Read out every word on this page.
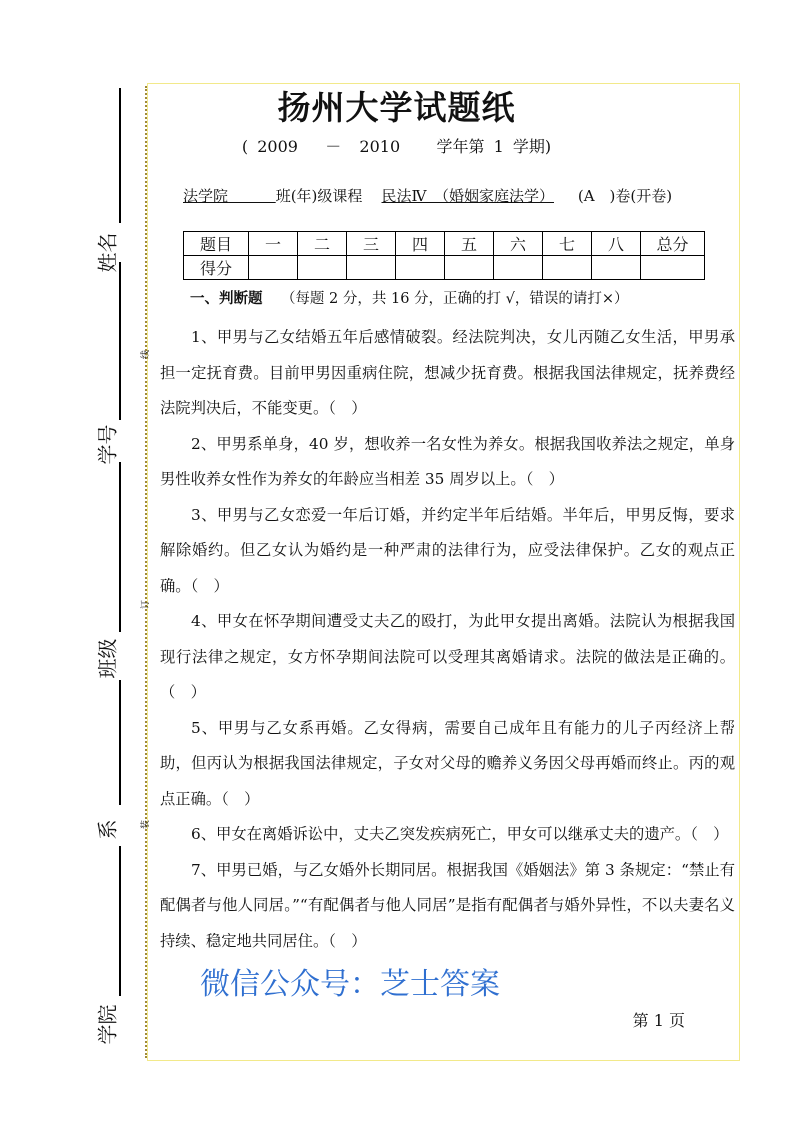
姓名
学号
班级
系
学院
线
订
装
扬州大学试题纸
( 2009 － 2010 学年第 1 学期)
法学院	班(年)级课程 民法Ⅳ　（婚姻家庭法学） (A　)卷(开卷)
题目	一	二	三	四	五	六	七	八	总分
得分									
一、判断题 （每题 2 分，共 16 分，正确的打 √，错误的请打×）

1、甲男与乙女结婚五年后感情破裂。经法院判决，女儿丙随乙女生活，甲男承担一定抚育费。目前甲男因重病住院，想减少抚育费。根据我国法律规定，抚养费经法院判决后，不能变更。（　）

2、甲男系单身，40 岁，想收养一名女性为养女。根据我国收养法之规定，单身男性收养女性作为养女的年龄应当相差 35 周岁以上。（　）

3、甲男与乙女恋爱一年后订婚，并约定半年后结婚。半年后，甲男反悔，要求解除婚约。但乙女认为婚约是一种严肃的法律行为，应受法律保护。乙女的观点正确。（　）

4、甲女在怀孕期间遭受丈夫乙的殴打，为此甲女提出离婚。法院认为根据我国现行法律之规定，女方怀孕期间法院可以受理其离婚请求。法院的做法是正确的。（　）

5、甲男与乙女系再婚。乙女得病，需要自己成年且有能力的儿子丙经济上帮助，但丙认为根据我国法律规定，子女对父母的赡养义务因父母再婚而终止。丙的观点正确。（　）

6、甲女在离婚诉讼中，丈夫乙突发疾病死亡，甲女可以继承丈夫的遗产。（　）

7、甲男已婚，与乙女婚外长期同居。根据我国《婚姻法》第 3 条规定：“禁止有配偶者与他人同居。”“有配偶者与他人同居”是指有配偶者与婚外异性，不以夫妻名义持续、稳定地共同居住。（　）

微信公众号：芝士答案
第 1 页
